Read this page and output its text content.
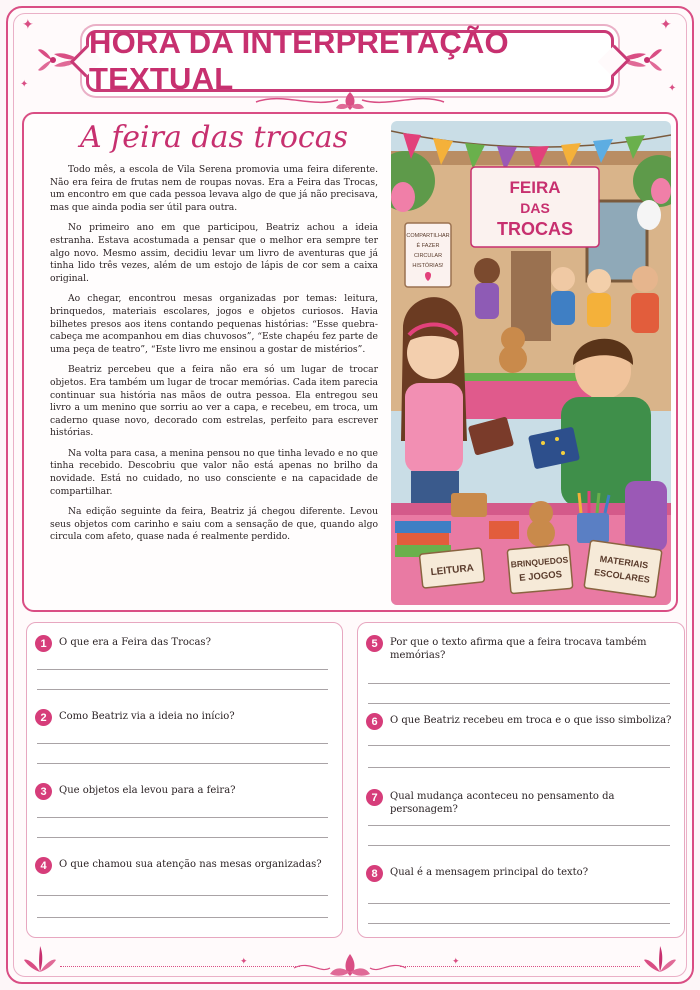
✦	✦
✦	✦
HORA DA INTERPRETAÇÃO TEXTUAL
A feira das trocas

Todo mês, a escola de Vila Serena promovia uma feira diferente. Não era feira de frutas nem de roupas novas. Era a Feira das Trocas, um encontro em que cada pessoa levava algo de que já não precisava, mas que ainda podia ser útil para outra.

No primeiro ano em que participou, Beatriz achou a ideia estranha. Estava acostumada a pensar que o melhor era sempre ter algo novo. Mesmo assim, decidiu levar um livro de aventuras que já tinha lido três vezes, além de um estojo de lápis de cor sem a caixa original.

Ao chegar, encontrou mesas organizadas por temas: leitura, brinquedos, materiais escolares, jogos e objetos curiosos. Havia bilhetes presos aos itens contando pequenas histórias: “Esse quebra-cabeça me acompanhou em dias chuvosos”, “Este chapéu fez parte de uma peça de teatro”, “Este livro me ensinou a gostar de mistérios”.

Beatriz percebeu que a feira não era só um lugar de trocar objetos. Era também um lugar de trocar memórias. Cada item parecia continuar sua história nas mãos de outra pessoa. Ela entregou seu livro a um menino que sorriu ao ver a capa, e recebeu, em troca, um caderno quase novo, decorado com estrelas, perfeito para escrever histórias.

Na volta para casa, a menina pensou no que tinha levado e no que tinha recebido. Descobriu que valor não está apenas no brilho da novidade. Está no cuidado, no uso consciente e na capacidade de compartilhar.

Na edição seguinte da feira, Beatriz já chegou diferente. Levou seus objetos com carinho e saiu com a sensação de que, quando algo circula com afeto, quase nada é realmente perdido.

FEIRA
DAS
TROCAS
COMPARTILHAR
É FAZER
CIRCULAR
HISTÓRIAS!
LEITURA
BRINQUEDOS
E JOGOS
MATERIAIS
ESCOLARES
1	O que era a Feira das Trocas?
2	Como Beatriz via a ideia no início?
3	Que objetos ela levou para a feira?
4	O que chamou sua atenção nas mesas organizadas?
5	Por que o texto afirma que a feira trocava também memórias?
6	O que Beatriz recebeu em troca e o que isso simboliza?
7	Qual mudança aconteceu no pensamento da personagem?
8	Qual é a mensagem principal do texto?
✦	✦
